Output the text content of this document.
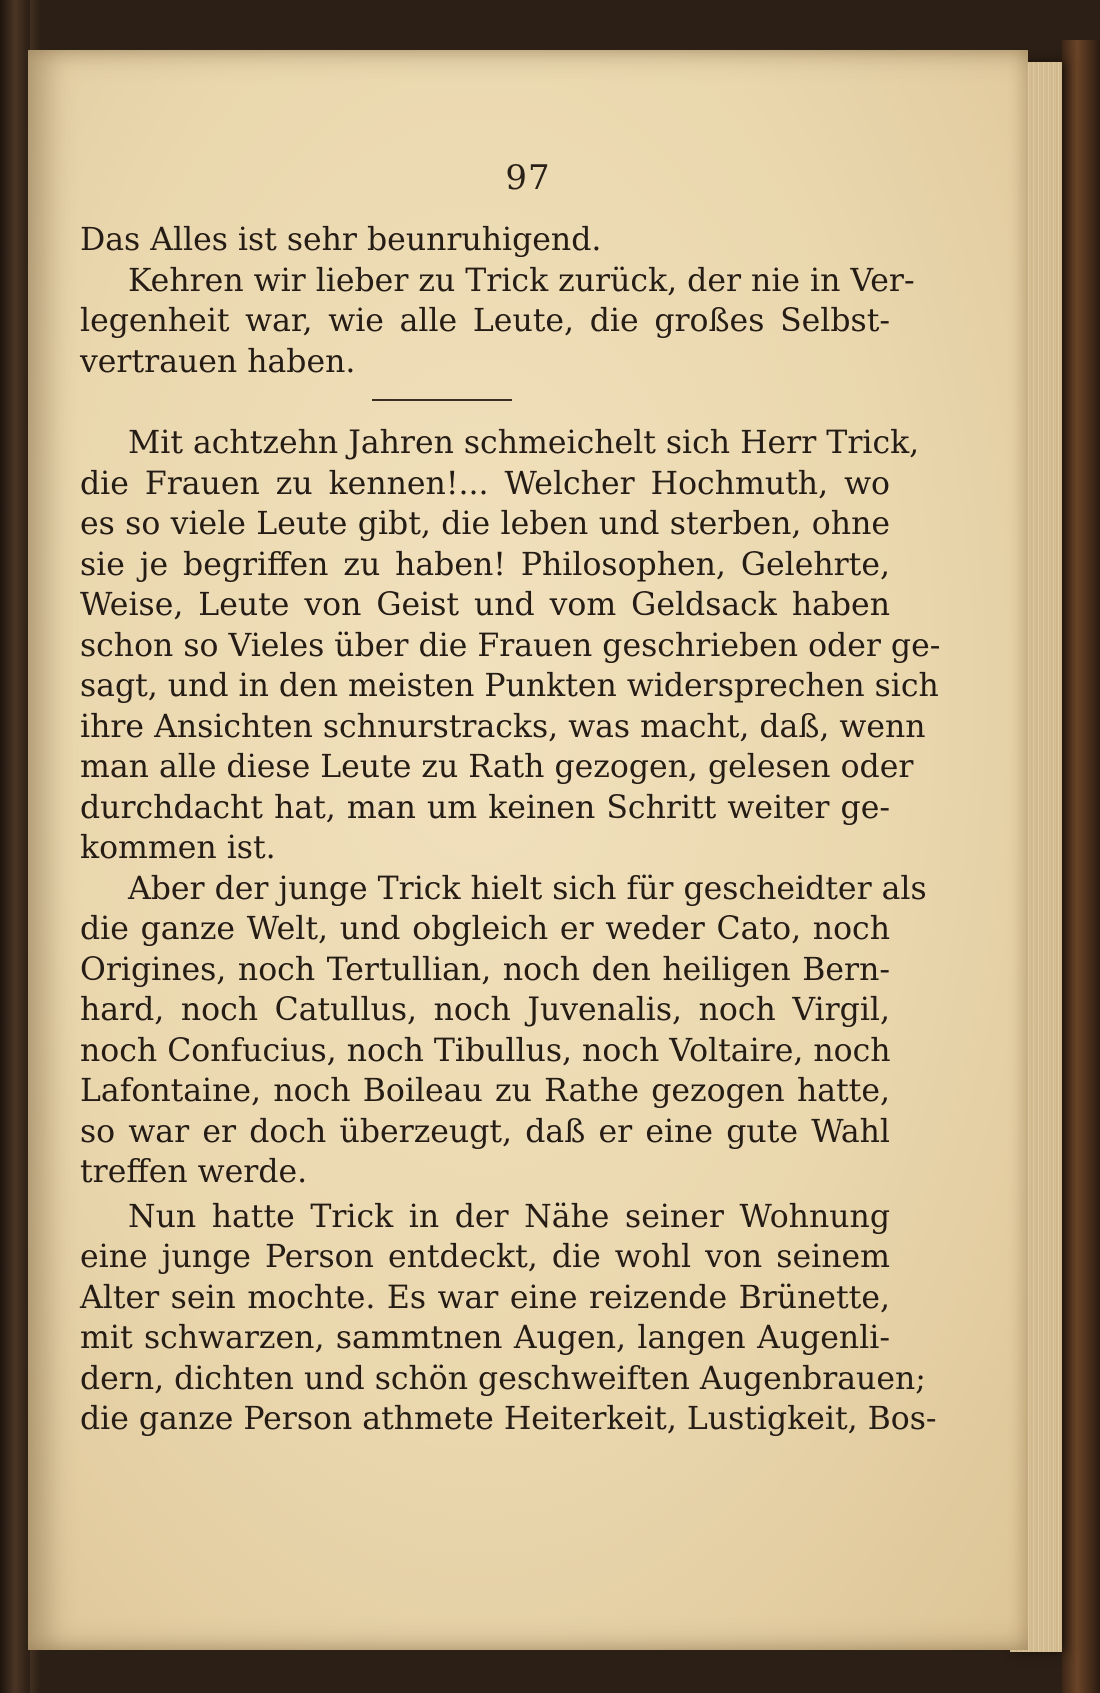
97
Das Alles ist sehr beunruhigend.
Kehren wir lieber zu Trick zurück, der nie in Ver-
legenheit war, wie alle Leute, die großes Selbst-
vertrauen haben.
Mit achtzehn Jahren schmeichelt sich Herr Trick,
die Frauen zu kennen!... Welcher Hochmuth, wo
es so viele Leute gibt, die leben und sterben, ohne
sie je begriffen zu haben! Philosophen, Gelehrte,
Weise, Leute von Geist und vom Geldsack haben
schon so Vieles über die Frauen geschrieben oder ge-
sagt, und in den meisten Punkten widersprechen sich
ihre Ansichten schnurstracks, was macht, daß, wenn
man alle diese Leute zu Rath gezogen, gelesen oder
durchdacht hat, man um keinen Schritt weiter ge-
kommen ist.
Aber der junge Trick hielt sich für gescheidter als
die ganze Welt, und obgleich er weder Cato, noch
Origines, noch Tertullian, noch den heiligen Bern-
hard, noch Catullus, noch Juvenalis, noch Virgil,
noch Confucius, noch Tibullus, noch Voltaire, noch
Lafontaine, noch Boileau zu Rathe gezogen hatte,
so war er doch überzeugt, daß er eine gute Wahl
treffen werde.
Nun hatte Trick in der Nähe seiner Wohnung
eine junge Person entdeckt, die wohl von seinem
Alter sein mochte. Es war eine reizende Brünette,
mit schwarzen, sammtnen Augen, langen Augenli-
dern, dichten und schön geschweiften Augenbrauen;
die ganze Person athmete Heiterkeit, Lustigkeit, Bos-
